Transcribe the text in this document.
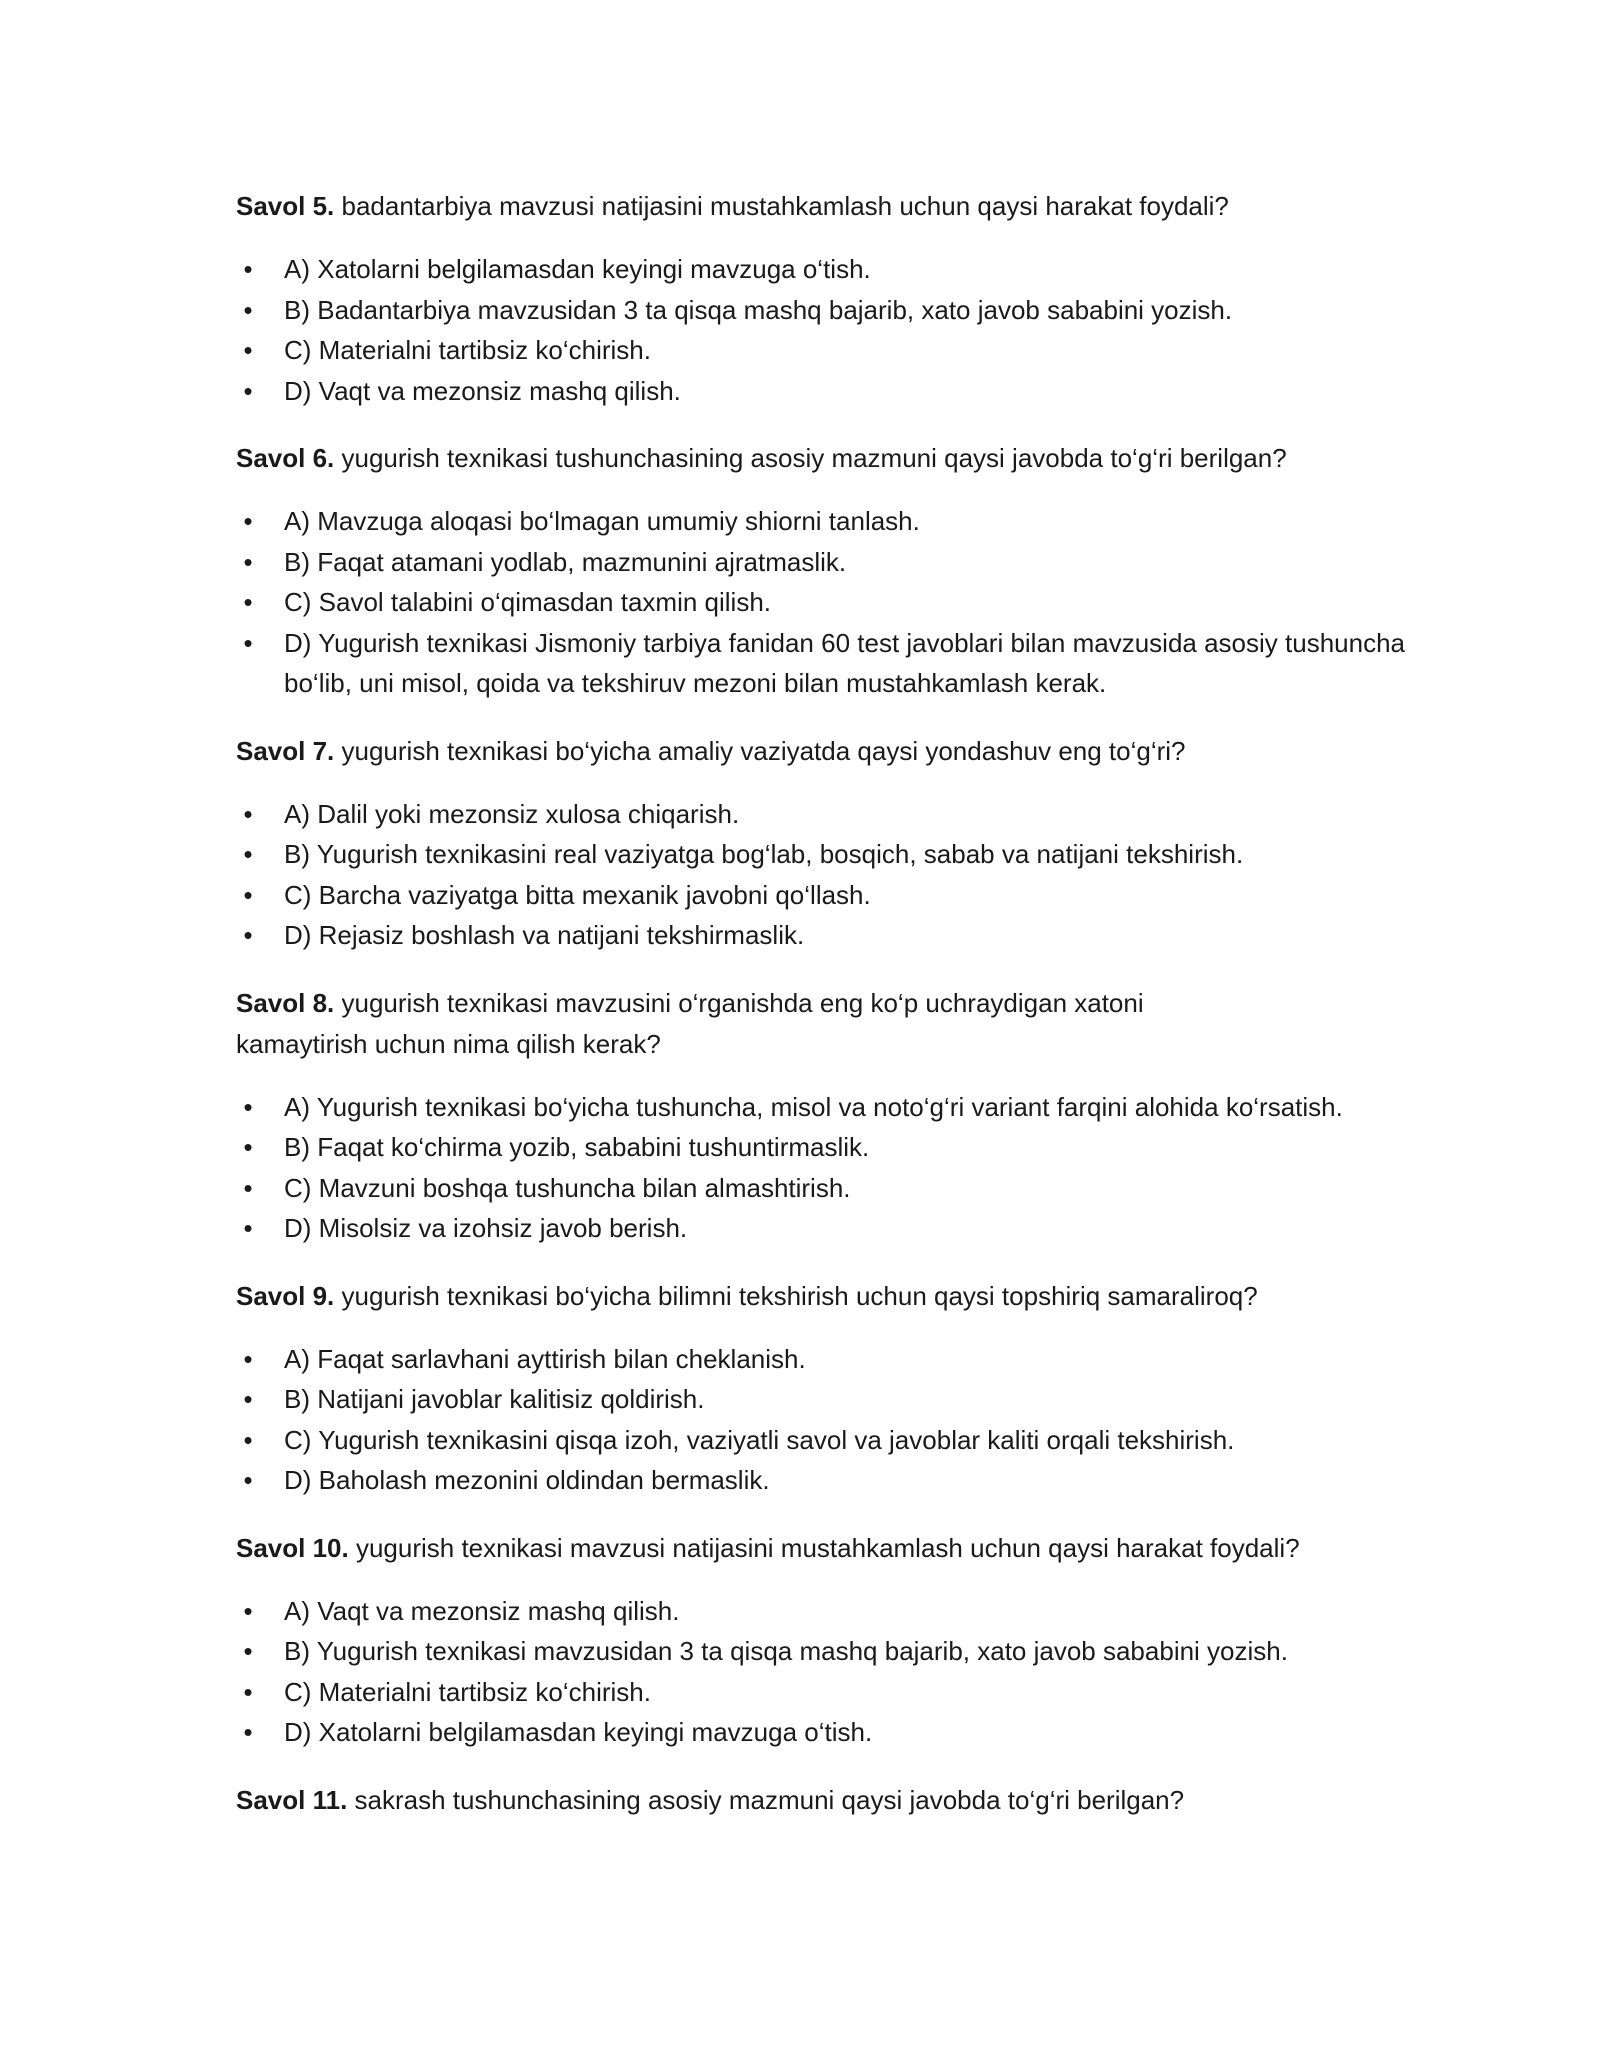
Savol 5. badantarbiya mavzusi natijasini mustahkamlash uchun qaysi harakat foydali?

• A) Xatolarni belgilamasdan keyingi mavzuga o‘tish.
• B) Badantarbiya mavzusidan 3 ta qisqa mashq bajarib, xato javob sababini yozish.
• C) Materialni tartibsiz ko‘chirish.
• D) Vaqt va mezonsiz mashq qilish.

Savol 6. yugurish texnikasi tushunchasining asosiy mazmuni qaysi javobda to‘g‘ri berilgan?

• A) Mavzuga aloqasi bo‘lmagan umumiy shiorni tanlash.
• B) Faqat atamani yodlab, mazmunini ajratmaslik.
• C) Savol talabini o‘qimasdan taxmin qilish.
• D) Yugurish texnikasi Jismoniy tarbiya fanidan 60 test javoblari bilan mavzusida asosiy tushuncha bo‘lib, uni misol, qoida va tekshiruv mezoni bilan mustahkamlash kerak.

Savol 7. yugurish texnikasi bo‘yicha amaliy vaziyatda qaysi yondashuv eng to‘g‘ri?

• A) Dalil yoki mezonsiz xulosa chiqarish.
• B) Yugurish texnikasini real vaziyatga bog‘lab, bosqich, sabab va natijani tekshirish.
• C) Barcha vaziyatga bitta mexanik javobni qo‘llash.
• D) Rejasiz boshlash va natijani tekshirmaslik.

Savol 8. yugurish texnikasi mavzusini o‘rganishda eng ko‘p uchraydigan xatoni kamaytirish uchun nima qilish kerak?

• A) Yugurish texnikasi bo‘yicha tushuncha, misol va noto‘g‘ri variant farqini alohida ko‘rsatish.
• B) Faqat ko‘chirma yozib, sababini tushuntirmaslik.
• C) Mavzuni boshqa tushuncha bilan almashtirish.
• D) Misolsiz va izohsiz javob berish.

Savol 9. yugurish texnikasi bo‘yicha bilimni tekshirish uchun qaysi topshiriq samaraliroq?

• A) Faqat sarlavhani ayttirish bilan cheklanish.
• B) Natijani javoblar kalitisiz qoldirish.
• C) Yugurish texnikasini qisqa izoh, vaziyatli savol va javoblar kaliti orqali tekshirish.
• D) Baholash mezonini oldindan bermaslik.

Savol 10. yugurish texnikasi mavzusi natijasini mustahkamlash uchun qaysi harakat foydali?

• A) Vaqt va mezonsiz mashq qilish.
• B) Yugurish texnikasi mavzusidan 3 ta qisqa mashq bajarib, xato javob sababini yozish.
• C) Materialni tartibsiz ko‘chirish.
• D) Xatolarni belgilamasdan keyingi mavzuga o‘tish.

Savol 11. sakrash tushunchasining asosiy mazmuni qaysi javobda to‘g‘ri berilgan?
